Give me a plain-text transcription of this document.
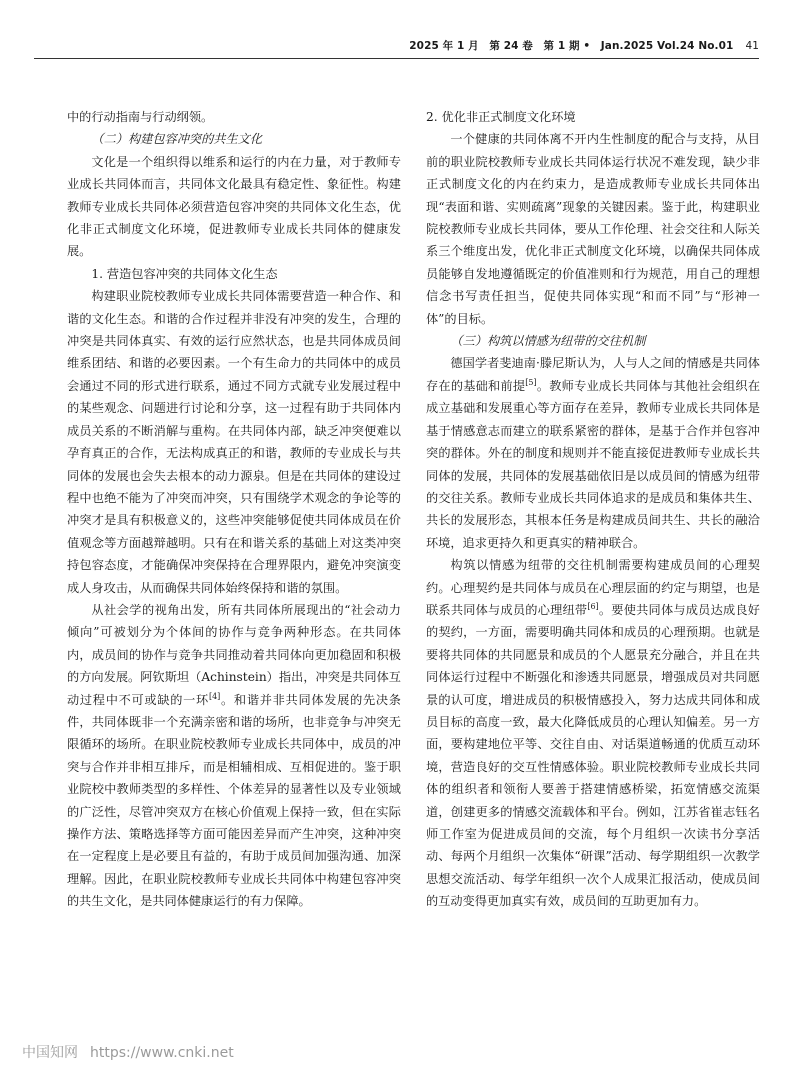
2025 年 1 月　第 24 卷　第 1 期 •　Jan.2025 Vol.24 No.01 41

中的行动指南与行动纲领。

（二）构建包容冲突的共生文化

文化是一个组织得以维系和运行的内在力量，对于教师专业成长共同体而言，共同体文化最具有稳定性、象征性。构建教师专业成长共同体必须营造包容冲突的共同体文化生态，优化非正式制度文化环境，促进教师专业成长共同体的健康发展。

1. 营造包容冲突的共同体文化生态

构建职业院校教师专业成长共同体需要营造一种合作、和谐的文化生态。和谐的合作过程并非没有冲突的发生，合理的冲突是共同体真实、有效的运行应然状态，也是共同体成员间维系团结、和谐的必要因素。一个有生命力的共同体中的成员会通过不同的形式进行联系，通过不同方式就专业发展过程中的某些观念、问题进行讨论和分享，这一过程有助于共同体内成员关系的不断消解与重构。在共同体内部，缺乏冲突便难以孕育真正的合作，无法构成真正的和谐，教师的专业成长与共同体的发展也会失去根本的动力源泉。但是在共同体的建设过程中也绝不能为了冲突而冲突，只有围绕学术观念的争论等的冲突才是具有积极意义的，这些冲突能够促使共同体成员在价值观念等方面越辩越明。只有在和谐关系的基础上对这类冲突持包容态度，才能确保冲突保持在合理界限内，避免冲突演变成人身攻击，从而确保共同体始终保持和谐的氛围。

从社会学的视角出发，所有共同体所展现出的“社会动力倾向”可被划分为个体间的协作与竞争两种形态。在共同体内，成员间的协作与竞争共同推动着共同体向更加稳固和积极的方向发展。阿钦斯坦（Achinstein）指出，冲突是共同体互动过程中不可或缺的一环[4]。和谐并非共同体发展的先决条件，共同体既非一个充满亲密和谐的场所，也非竞争与冲突无限循环的场所。在职业院校教师专业成长共同体中，成员的冲突与合作并非相互排斥，而是相辅相成、互相促进的。鉴于职业院校中教师类型的多样性、个体差异的显著性以及专业领域的广泛性，尽管冲突双方在核心价值观上保持一致，但在实际操作方法、策略选择等方面可能因差异而产生冲突，这种冲突在一定程度上是必要且有益的，有助于成员间加强沟通、加深理解。因此，在职业院校教师专业成长共同体中构建包容冲突的共生文化，是共同体健康运行的有力保障。

2. 优化非正式制度文化环境

一个健康的共同体离不开内生性制度的配合与支持，从目前的职业院校教师专业成长共同体运行状况不难发现，缺少非正式制度文化的内在约束力，是造成教师专业成长共同体出现“表面和谐、实则疏离”现象的关键因素。鉴于此，构建职业院校教师专业成长共同体，要从工作伦理、社会交往和人际关系三个维度出发，优化非正式制度文化环境，以确保共同体成员能够自发地遵循既定的价值准则和行为规范，用自己的理想信念书写责任担当，促使共同体实现“和而不同”与“形神一体”的目标。

（三）构筑以情感为纽带的交往机制

德国学者斐迪南·滕尼斯认为，人与人之间的情感是共同体存在的基础和前提[5]。教师专业成长共同体与其他社会组织在成立基础和发展重心等方面存在差异，教师专业成长共同体是基于情感意志而建立的联系紧密的群体，是基于合作并包容冲突的群体。外在的制度和规则并不能直接促进教师专业成长共同体的发展，共同体的发展基础依旧是以成员间的情感为纽带的交往关系。教师专业成长共同体追求的是成员和集体共生、共长的发展形态，其根本任务是构建成员间共生、共长的融洽环境，追求更持久和更真实的精神联合。

构筑以情感为纽带的交往机制需要构建成员间的心理契约。心理契约是共同体与成员在心理层面的约定与期望，也是联系共同体与成员的心理纽带[6]。要使共同体与成员达成良好的契约，一方面，需要明确共同体和成员的心理预期。也就是要将共同体的共同愿景和成员的个人愿景充分融合，并且在共同体运行过程中不断强化和渗透共同愿景，增强成员对共同愿景的认可度，增进成员的积极情感投入，努力达成共同体和成员目标的高度一致，最大化降低成员的心理认知偏差。另一方面，要构建地位平等、交往自由、对话渠道畅通的优质互动环境，营造良好的交互性情感体验。职业院校教师专业成长共同体的组织者和领衔人要善于搭建情感桥梁，拓宽情感交流渠道，创建更多的情感交流载体和平台。例如，江苏省崔志钰名师工作室为促进成员间的交流，每个月组织一次读书分享活动、每两个月组织一次集体“研课”活动、每学期组织一次教学思想交流活动、每学年组织一次个人成果汇报活动，使成员间的互动变得更加真实有效，成员间的互助更加有力。

中国知网 https://www.cnki.net
